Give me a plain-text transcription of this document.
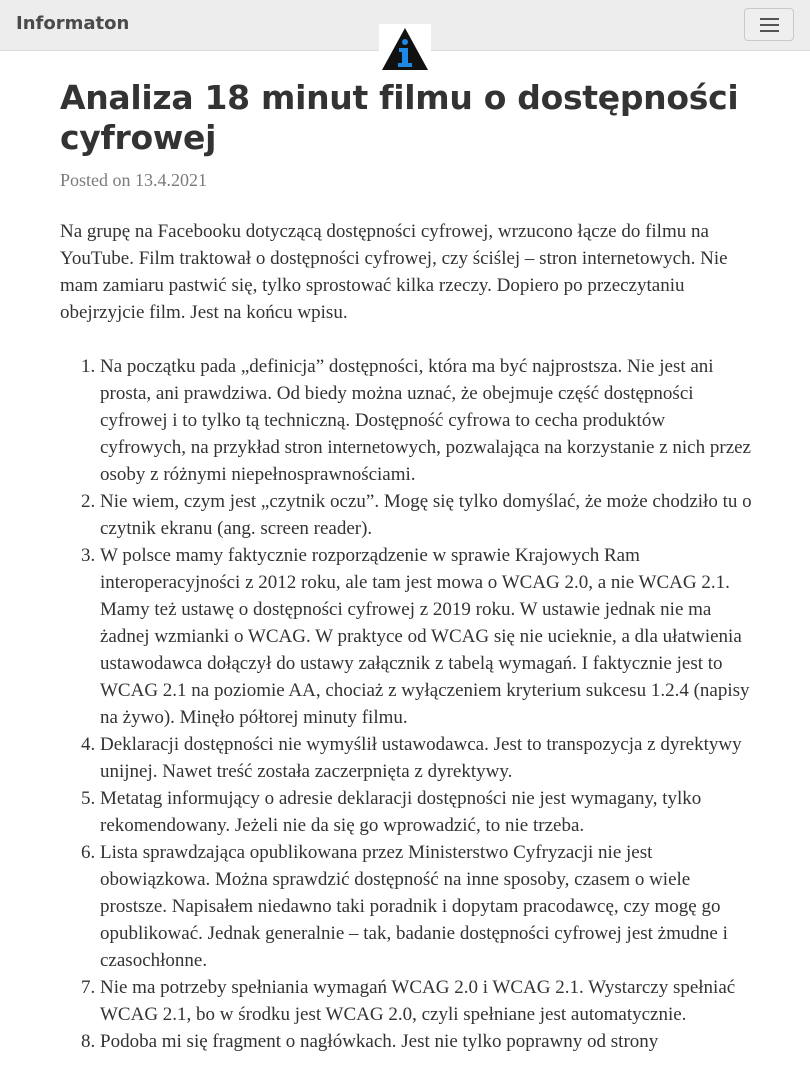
Informaton
Analiza 18 minut filmu o dostępności cyfrowej
Posted on 13.4.2021

Na grupę na Facebooku dotyczącą dostępności cyfrowej, wrzucono łącze do filmu na YouTube. Film traktował o dostępności cyfrowej, czy ściślej – stron internetowych. Nie mam zamiaru pastwić się, tylko sprostować kilka rzeczy. Dopiero po przeczytaniu obejrzyjcie film. Jest na końcu wpisu.

1. Na początku pada „definicja” dostępności, która ma być najprostsza. Nie jest ani prosta, ani prawdziwa. Od biedy można uznać, że obejmuje część dostępności cyfrowej i to tylko tą techniczną. Dostępność cyfrowa to cecha produktów cyfrowych, na przykład stron internetowych, pozwalająca na korzystanie z nich przez osoby z różnymi niepełnosprawnościami.
2. Nie wiem, czym jest „czytnik oczu”. Mogę się tylko domyślać, że może chodziło tu o czytnik ekranu (ang. screen reader).
3. W polsce mamy faktycznie rozporządzenie w sprawie Krajowych Ram interoperacyjności z 2012 roku, ale tam jest mowa o WCAG 2.0, a nie WCAG 2.1. Mamy też ustawę o dostępności cyfrowej z 2019 roku. W ustawie jednak nie ma żadnej wzmianki o WCAG. W praktyce od WCAG się nie ucieknie, a dla ułatwienia ustawodawca dołączył do ustawy załącznik z tabelą wymagań. I faktycznie jest to WCAG 2.1 na poziomie AA, chociaż z wyłączeniem kryterium sukcesu 1.2.4 (napisy na żywo). Minęło półtorej minuty filmu.
4. Deklaracji dostępności nie wymyślił ustawodawca. Jest to transpozycja z dyrektywy unijnej. Nawet treść została zaczerpnięta z dyrektywy.
5. Metatag informujący o adresie deklaracji dostępności nie jest wymagany, tylko rekomendowany. Jeżeli nie da się go wprowadzić, to nie trzeba.
6. Lista sprawdzająca opublikowana przez Ministerstwo Cyfryzacji nie jest obowiązkowa. Można sprawdzić dostępność na inne sposoby, czasem o wiele prostsze. Napisałem niedawno taki poradnik i dopytam pracodawcę, czy mogę go opublikować. Jednak generalnie – tak, badanie dostępności cyfrowej jest żmudne i czasochłonne.
7. Nie ma potrzeby spełniania wymagań WCAG 2.0 i WCAG 2.1. Wystarczy spełniać WCAG 2.1, bo w środku jest WCAG 2.0, czyli spełniane jest automatycznie.
8. Podoba mi się fragment o nagłówkach. Jest nie tylko poprawny od strony
